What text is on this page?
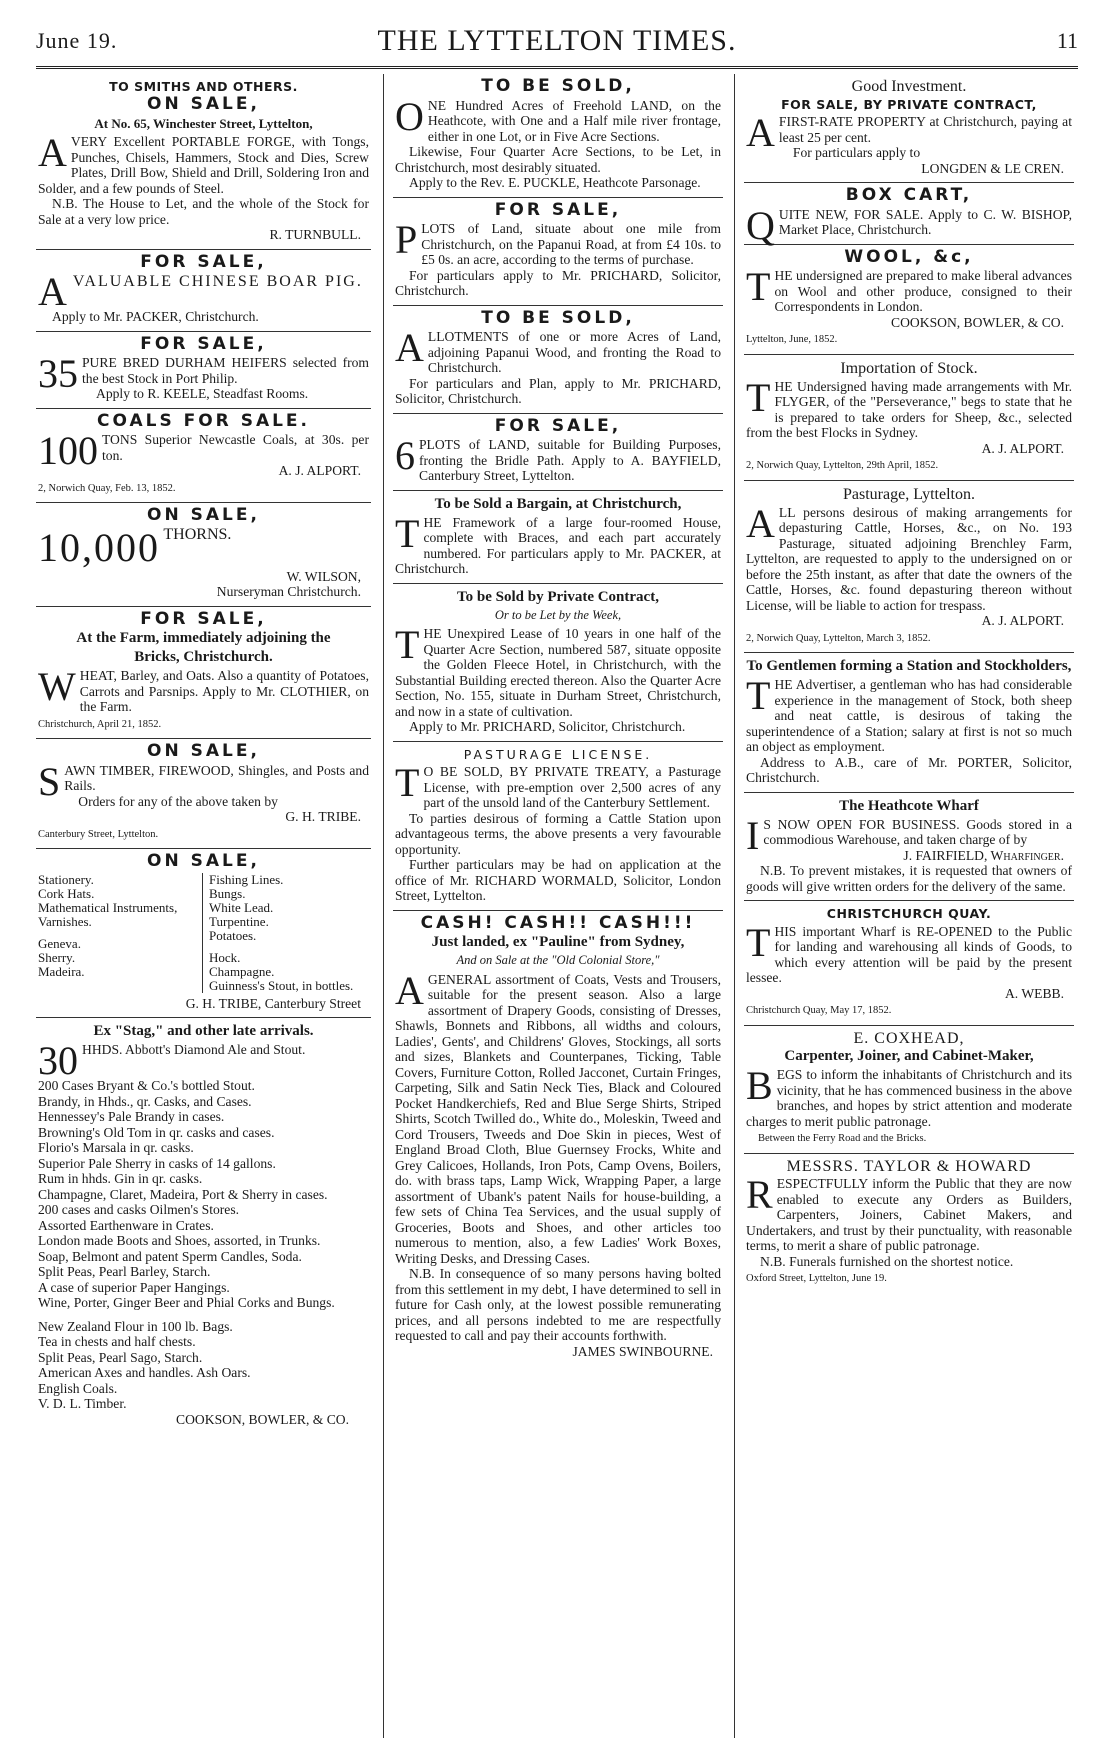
June 19.	THE LYTTELTON TIMES.	11
TO SMITHS AND OTHERS.
ON SALE,
At No. 65, Winchester Street, Lyttelton,

AVERY Excellent PORTABLE FORGE, with Tongs, Punches, Chisels, Hammers, Stock and Dies, Screw Plates, Drill Bow, Shield and Drill, Soldering Iron and Solder, and a few pounds of Steel.

N.B. The House to Let, and the whole of the Stock for Sale at a very low price.

R. TURNBULL.
FOR SALE,

AVALUABLE CHINESE BOAR PIG.

Apply to Mr. PACKER, Christchurch.

FOR SALE,

35 PURE BRED DURHAM HEIFERS selected from the best Stock in Port Philip.

Apply to R. KEELE, Steadfast Rooms.

COALS FOR SALE.

100 TONS Superior Newcastle Coals, at 30s. per ton.

A. J. ALPORT.
2, Norwich Quay, Feb. 13, 1852.
ON SALE,
10,000 THORNS.
W. WILSON,
Nurseryman Christchurch.
FOR SALE,
At the Farm, immediately adjoining the
Bricks, Christchurch.

WHEAT, Barley, and Oats. Also a quantity of Potatoes, Carrots and Parsnips. Apply to Mr. CLOTHIER, on the Farm.

Christchurch, April 21, 1852.
ON SALE,

SAWN TIMBER, FIREWOOD, Shingles, and Posts and Rails.

Orders for any of the above taken by

G. H. TRIBE.
Canterbury Street, Lyttelton.
ON SALE,
Stationery.
Cork Hats.
Mathematical Instruments,
Varnishes.
Geneva.
Sherry.
Madeira.
Fishing Lines.
Bungs.
White Lead.
Turpentine.
Potatoes.
Hock.
Champagne.
Guinness's Stout, in bottles.
G. H. TRIBE, Canterbury Street
Ex "Stag," and other late arrivals.

30 HHDS. Abbott's Diamond Ale and Stout.

200 Cases Bryant & Co.'s bottled Stout.

Brandy, in Hhds., qr. Casks, and Cases.

Hennessey's Pale Brandy in cases.

Browning's Old Tom in qr. casks and cases.

Florio's Marsala in qr. casks.

Superior Pale Sherry in casks of 14 gallons.

Rum in hhds. Gin in qr. casks.

Champagne, Claret, Madeira, Port & Sherry in cases.

200 cases and casks Oilmen's Stores.

Assorted Earthenware in Crates.

London made Boots and Shoes, assorted, in Trunks.

Soap, Belmont and patent Sperm Candles, Soda.

Split Peas, Pearl Barley, Starch.

A case of superior Paper Hangings.

Wine, Porter, Ginger Beer and Phial Corks and Bungs.

New Zealand Flour in 100 lb. Bags.

Tea in chests and half chests.

Split Peas, Pearl Sago, Starch.

American Axes and handles. Ash Oars.

English Coals.

V. D. L. Timber.

COOKSON, BOWLER, & CO.
TO BE SOLD,

ONE Hundred Acres of Freehold LAND, on the Heathcote, with One and a Half mile river frontage, either in one Lot, or in Five Acre Sections.

Likewise, Four Quarter Acre Sections, to be Let, in Christchurch, most desirably situated.

Apply to the Rev. E. PUCKLE, Heathcote Parsonage.

FOR SALE,

PLOTS of Land, situate about one mile from Christchurch, on the Papanui Road, at from £4 10s. to £5 0s. an acre, according to the terms of purchase.

For particulars apply to Mr. PRICHARD, Solicitor, Christchurch.

TO BE SOLD,

ALLOTMENTS of one or more Acres of Land, adjoining Papanui Wood, and fronting the Road to Christchurch.

For particulars and Plan, apply to Mr. PRICHARD, Solicitor, Christchurch.

FOR SALE,

6 PLOTS of LAND, suitable for Building Purposes, fronting the Bridle Path. Apply to A. BAYFIELD, Canterbury Street, Lyttelton.

To be Sold a Bargain, at Christchurch,

THE Framework of a large four-roomed House, complete with Braces, and each part accurately numbered. For particulars apply to Mr. PACKER, at Christchurch.

To be Sold by Private Contract,
Or to be Let by the Week,

THE Unexpired Lease of 10 years in one half of the Quarter Acre Section, numbered 587, situate opposite the Golden Fleece Hotel, in Christchurch, with the Substantial Building erected thereon. Also the Quarter Acre Section, No. 155, situate in Durham Street, Christchurch, and now in a state of cultivation.

Apply to Mr. PRICHARD, Solicitor, Christchurch.

PASTURAGE LICENSE.

T O BE SOLD, BY PRIVATE TREATY, a Pasturage License, with pre-emption over 2,500 acres of any part of the unsold land of the Canterbury Settlement.

To parties desirous of forming a Cattle Station upon advantageous terms, the above presents a very favourable opportunity.

Further particulars may be had on application at the office of Mr. RICHARD WORMALD, Solicitor, London Street, Lyttelton.

CASH! CASH!! CASH!!!
Just landed, ex "Pauline" from Sydney,
And on Sale at the "Old Colonial Store,"

AGENERAL assortment of Coats, Vests and Trousers, suitable for the present season. Also a large assortment of Drapery Goods, consisting of Dresses, Shawls, Bonnets and Ribbons, all widths and colours, Ladies', Gents', and Childrens' Gloves, Stockings, all sorts and sizes, Blankets and Counterpanes, Ticking, Table Covers, Furniture Cotton, Rolled Jacconet, Curtain Fringes, Carpeting, Silk and Satin Neck Ties, Black and Coloured Pocket Handkerchiefs, Red and Blue Serge Shirts, Striped Shirts, Scotch Twilled do., White do., Moleskin, Tweed and Cord Trousers, Tweeds and Doe Skin in pieces, West of England Broad Cloth, Blue Guernsey Frocks, White and Grey Calicoes, Hollands, Iron Pots, Camp Ovens, Boilers, do. with brass taps, Lamp Wick, Wrapping Paper, a large assortment of Ubank's patent Nails for house-building, a few sets of China Tea Services, and the usual supply of Groceries, Boots and Shoes, and other articles too numerous to mention, also, a few Ladies' Work Boxes, Writing Desks, and Dressing Cases.

N.B. In consequence of so many persons having bolted from this settlement in my debt, I have determined to sell in future for Cash only, at the lowest possible remunerating prices, and all persons indebted to me are respectfully requested to call and pay their accounts forthwith.

JAMES SWINBOURNE.
Good Investment.
FOR SALE, BY PRIVATE CONTRACT,

AFIRST-RATE PROPERTY at Christchurch, paying at least 25 per cent.

For particulars apply to

LONGDEN & LE CREN.
BOX CART,

QUITE NEW, FOR SALE. Apply to C. W. BISHOP, Market Place, Christchurch.

WOOL, &c,

THE undersigned are prepared to make liberal advances on Wool and other produce, consigned to their Correspondents in London.

COOKSON, BOWLER, & CO.
Lyttelton, June, 1852.
Importation of Stock.

THE Undersigned having made arrangements with Mr. FLYGER, of the "Perseverance," begs to state that he is prepared to take orders for Sheep, &c., selected from the best Flocks in Sydney.

A. J. ALPORT.
2, Norwich Quay, Lyttelton, 29th April, 1852.
Pasturage, Lyttelton.

ALL persons desirous of making arrangements for depasturing Cattle, Horses, &c., on No. 193 Pasturage, situated adjoining Brenchley Farm, Lyttelton, are requested to apply to the undersigned on or before the 25th instant, as after that date the owners of the Cattle, Horses, &c. found depasturing thereon without License, will be liable to action for trespass.

A. J. ALPORT.
2, Norwich Quay, Lyttelton, March 3, 1852.
To Gentlemen forming a Station and Stockholders,

THE Advertiser, a gentleman who has had considerable experience in the management of Stock, both sheep and neat cattle, is desirous of taking the superintendence of a Station; salary at first is not so much an object as employment.

Address to A.B., care of Mr. PORTER, Solicitor, Christchurch.

The Heathcote Wharf

I S NOW OPEN FOR BUSINESS. Goods stored in a commodious Warehouse, and taken charge of by

J. FAIRFIELD, Wharfinger.

N.B. To prevent mistakes, it is requested that owners of goods will give written orders for the delivery of the same.

CHRISTCHURCH QUAY.

THIS important Wharf is RE-OPENED to the Public for landing and warehousing all kinds of Goods, to which every attention will be paid by the present lessee.

A. WEBB.
Christchurch Quay, May 17, 1852.
E. COXHEAD,
Carpenter, Joiner, and Cabinet-Maker,

BEGS to inform the inhabitants of Christchurch and its vicinity, that he has commenced business in the above branches, and hopes by strict attention and moderate charges to merit public patronage.

Between the Ferry Road and the Bricks.
MESSRS. TAYLOR & HOWARD

RESPECTFULLY inform the Public that they are now enabled to execute any Orders as Builders, Carpenters, Joiners, Cabinet Makers, and Undertakers, and trust by their punctuality, with reasonable terms, to merit a share of public patronage.

N.B. Funerals furnished on the shortest notice.

Oxford Street, Lyttelton, June 19.
